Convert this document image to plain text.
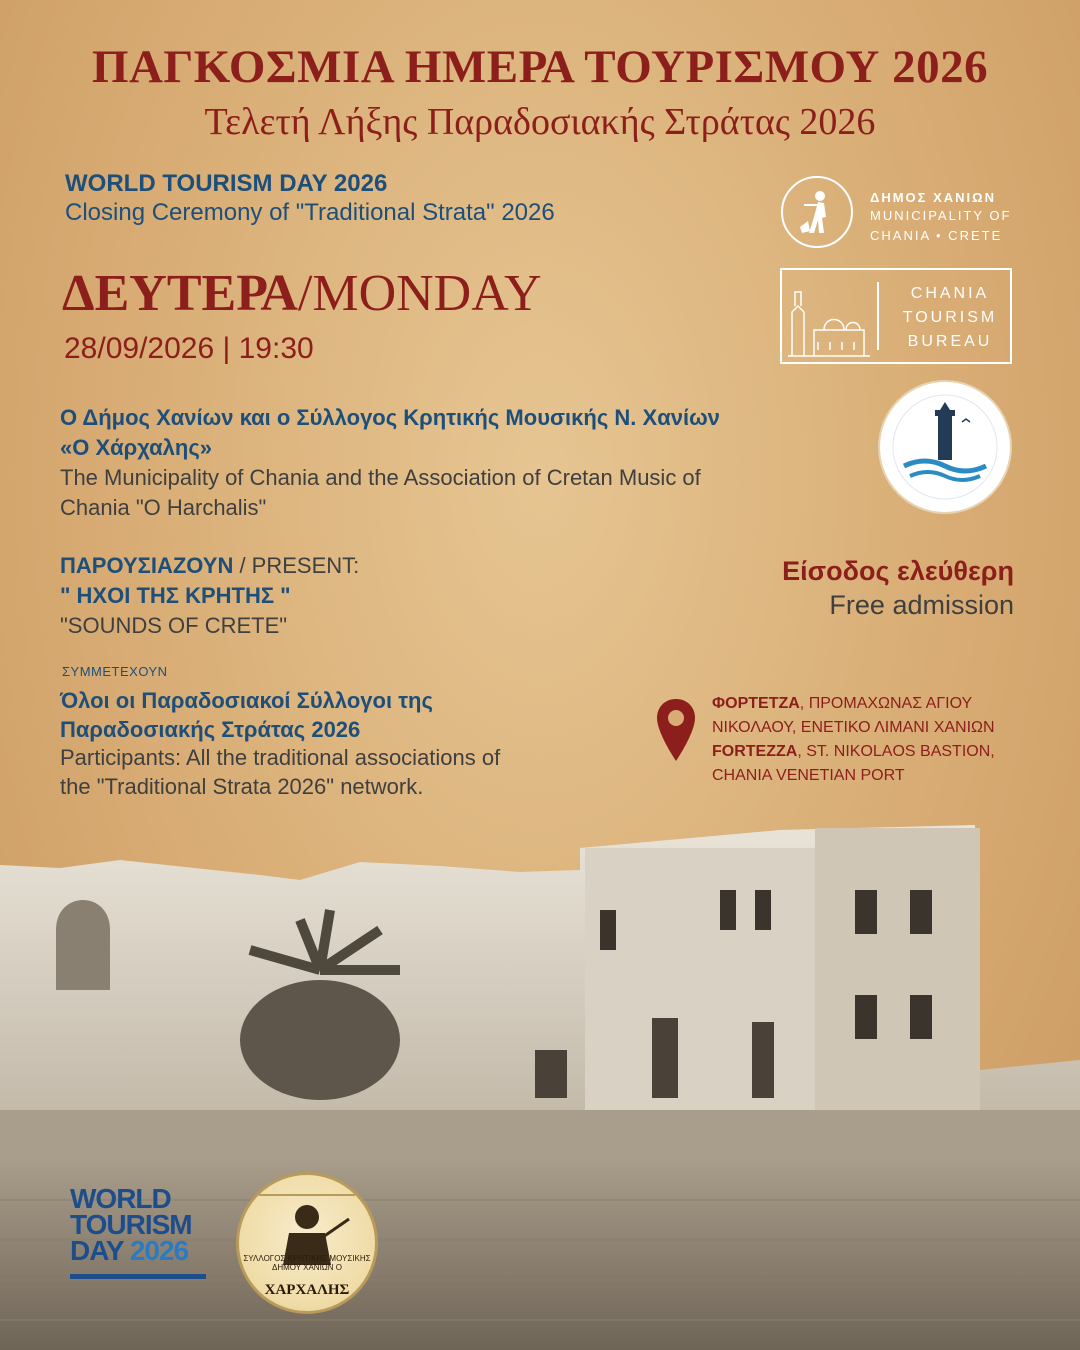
ΠΑΓΚΟΣΜΙΑ ΗΜΕΡΑ ΤΟΥΡΙΣΜΟΥ 2026
Τελετή Λήξης Παραδοσιακής Στράτας 2026
WORLD TOURISM DAY 2026
Closing Ceremony of "Traditional Strata" 2026
ΔΕΥΤΕΡΑ/MONDAY
28/09/2026 | 19:30
Ο Δήμος Χανίων και ο Σύλλογος Κρητικής Μουσικής Ν. Χανίων «Ο Χάρχαλης»
The Municipality of Chania and the Association of Cretan Music of Chania "O Harchalis"
ΠΑΡΟΥΣΙΑΖΟΥΝ / PRESENT:
" ΗΧΟΙ ΤΗΣ ΚΡΗΤΗΣ "
"SOUNDS OF CRETE"
ΣΥΜΜΕΤΕΧΟΥΝ
Όλοι οι Παραδοσιακοί Σύλλογοι της Παραδοσιακής Στράτας 2026
Participants: All the traditional associations of the "Traditional Strata 2026" network.
Είσοδος ελεύθερη
Free admission
ΦΟΡΤΕΤΖΑ, ΠΡΟΜΑΧΩΝΑΣ ΑΓΙΟΥ
ΝΙΚΟΛΑΟΥ, ΕΝΕΤΙΚΟ ΛΙΜΑΝΙ ΧΑΝΙΩΝ
FORTEZZA, ST. NIKOLAOS BASTION,
CHANIA VENETIAN PORT
ΔΗΜΟΣ ΧΑΝΙΩΝ
MUNICIPALITY OF
CHANIA • CRETE
CHANIA
TOURISM
BUREAU
WORLD
TOURISM
DAY 2026	ΣΥΛΛΟΓΟΣ ΚΡΗΤΙΚΗΣ ΜΟΥΣΙΚΗΣ ΔΗΜΟΥ ΧΑΝΙΩΝ Ο
ΧΑΡΧΑΛΗΣ
